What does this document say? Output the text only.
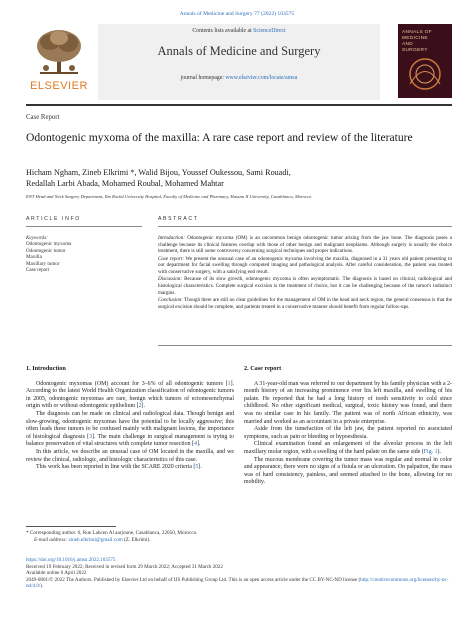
Annals of Medicine and Surgery 77 (2022) 103575
ELSEVIER
Contents lists available at ScienceDirect
Annals of Medicine and Surgery
journal homepage: www.elsevier.com/locate/amsu
ANNALS OF
MEDICINE
AND
SURGERY
Case Report
Odontogenic myxoma of the maxilla: A rare case report and review of the literature
Hicham Ngham, Zineb Elkrimi *, Walid Bijou, Youssef Oukessou, Sami Rouadi,
Redallah Larbi Abada, Mohamed Roubal, Mohamed Mahtar
ENT Head and Neck Surgery Department, Ibn Rochd University Hospital, Faculty of Medicine and Pharmacy, Hassan II University, Casablanca, Morocco
ARTICLE INFO	ABSTRACT
Keywords:
Odontogenic myxoma
Odontogenic tumor
Maxilla
Maxillary tumor
Case report

Introduction: Odontogenic myxoma (OM) is an uncommon benign odontogenic tumor arising from the jaw bone. The diagnosis poses a challenge because its clinical features overlap with those of other benign and malignant neoplasms. Although surgery is usually the choice treatment, there is still some controversy concerning surgical techniques and proper indications.

Case report: We present the unusual case of an odontogenic myxoma involving the maxilla, diagnosed in a 31 years old patient presenting to our department for facial swelling through computed imaging and pathological analysis. After careful consideration, the patient was treated with conservative surgery, with a satisfying end result.

Discussion: Because of its slow growth, odontogenic myxoma is often asymptomatic. The diagnosis is based on clinical, radiological and histological characteristics. Complete surgical excision is the treatment of choice, but it can be challenging because of the tumor's indistinct margins.

Conclusion: Though there are still no clear guidelines for the management of OM in the head and neck region, the general consensus is that the surgical excision should be complete, and patients treated in a conservative manner should benefit from regular follow-ups.

1. Introduction

Odontogenic myxomas (OM) account for 3–6% of all odontogenic tumors [1]. According to the latest World Health Organization classification of odontogenic tumors in 2005, odontogenic myxomas are rare, benign which tumors of ectomesenchymal origin with or without odontogenic epithelium [2].

The diagnosis can be made on clinical and radiological data. Though benign and slow-growing, odontogenic myxomas have the potential to be locally aggressive; this often leads these tumors to be confused mainly with malignant lesions, the importance of histological diagnosis [3]. The main challenge in surgical management is trying to balance preservation of vital structures with complete tumor resection [4].

In this article, we describe an unusual case of OM located in the maxilla, and we review the clinical, radiologic, and histologic characteristics of this case.

This work has been reported in line with the SCARE 2020 criteria [5].

2. Case report

A 31-year-old man was referred to our department by his family physician with a 2-month history of an increasing prominence over his left maxilla, and swelling of his palate. He reported that he had a long history of tooth sensitivity to cold since childhood. No other significant medical, surgical, toxic history was found, and there was no similar case in his family. The patient was of north African ethnicity, was married and worked as an accountant in a private enterprise.

Aside from the tumefaction of the left jaw, the patient reported no associated symptoms, such as pain or bleeding or hypoesthesia.

Clinical examination found an enlargement of the alveolar process in the left maxillary molar region, with a swelling of the hard palate on the same side (Fig. 1).

The mucous membrane covering the tumor mass was regular and normal in color and appearance; there were no signs of a fistula or an ulceration. On palpation, the mass was of hard consistency, painless, and seemed attached to the bone, allowing for no mobility.

* Corresponding author. 6, Rue Lahcen Al aarjoune, Casablanca, 22050, Morocco.
E-mail address: zineb.elkrimi@gmail.com (Z. Elkrimi).
https://doi.org/10.1016/j.amsu.2022.103575
Received 19 February 2022; Received in revised form 29 March 2022; Accepted 31 March 2022
Available online 6 April 2022
2049-0801/© 2022 The Authors. Published by Elsevier Ltd on behalf of IJS Publishing Group Ltd. This is an open access article under the CC BY-NC-ND license (http://creativecommons.org/licenses/by-nc-nd/4.0/).
